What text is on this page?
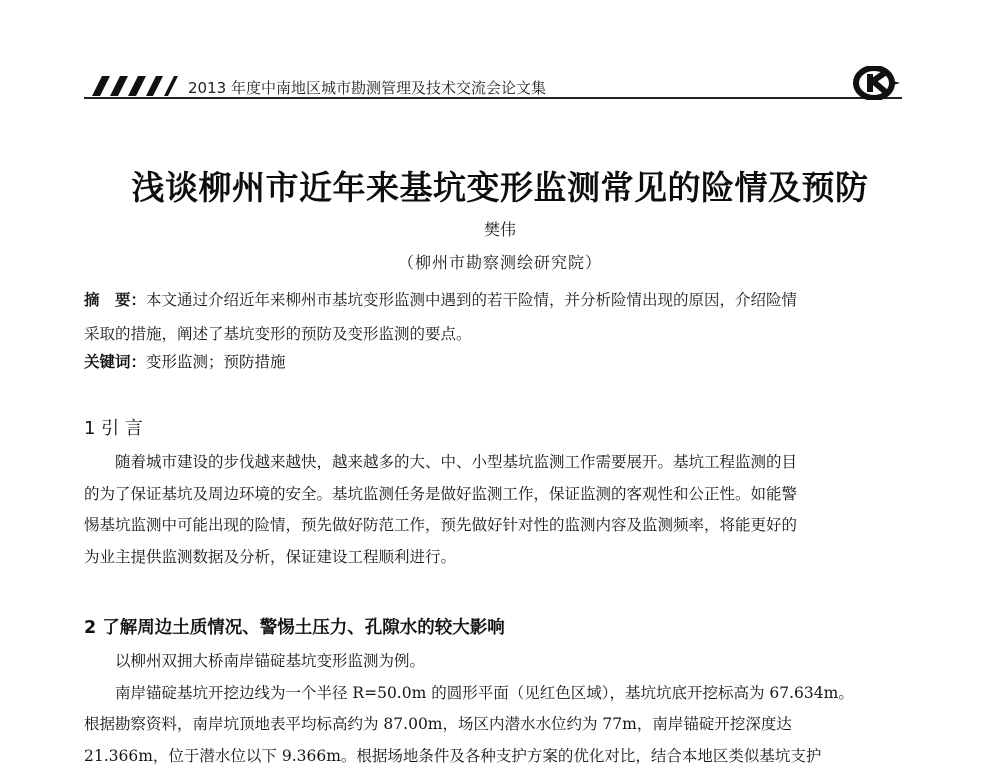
2013 年度中南地区城市勘测管理及技术交流会论文集
浅谈柳州市近年来基坑变形监测常见的险情及预防
樊伟
（柳州市勘察测绘研究院）
摘　要：本文通过介绍近年来柳州市基坑变形监测中遇到的若干险情，并分析险情出现的原因，介绍险情
采取的措施，阐述了基坑变形的预防及变形监测的要点。
关键词：变形监测；预防措施
1 引 言
　　随着城市建设的步伐越来越快，越来越多的大、中、小型基坑监测工作需要展开。基坑工程监测的目
的为了保证基坑及周边环境的安全。基坑监测任务是做好监测工作，保证监测的客观性和公正性。如能警
惕基坑监测中可能出现的险情，预先做好防范工作，预先做好针对性的监测内容及监测频率，将能更好的
为业主提供监测数据及分析，保证建设工程顺利进行。
2 了解周边土质情况、警惕土压力、孔隙水的较大影响
　　以柳州双拥大桥南岸锚碇基坑变形监测为例。
　　南岸锚碇基坑开挖边线为一个半径 R=50.0m 的圆形平面（见红色区域），基坑坑底开挖标高为 67.634m。
根据勘察资料，南岸坑顶地表平均标高约为 87.00m，场区内潜水水位约为 77m，南岸锚碇开挖深度达
21.366m，位于潜水位以下 9.366m。根据场地条件及各种支护方案的优化对比，结合本地区类似基坑支护
